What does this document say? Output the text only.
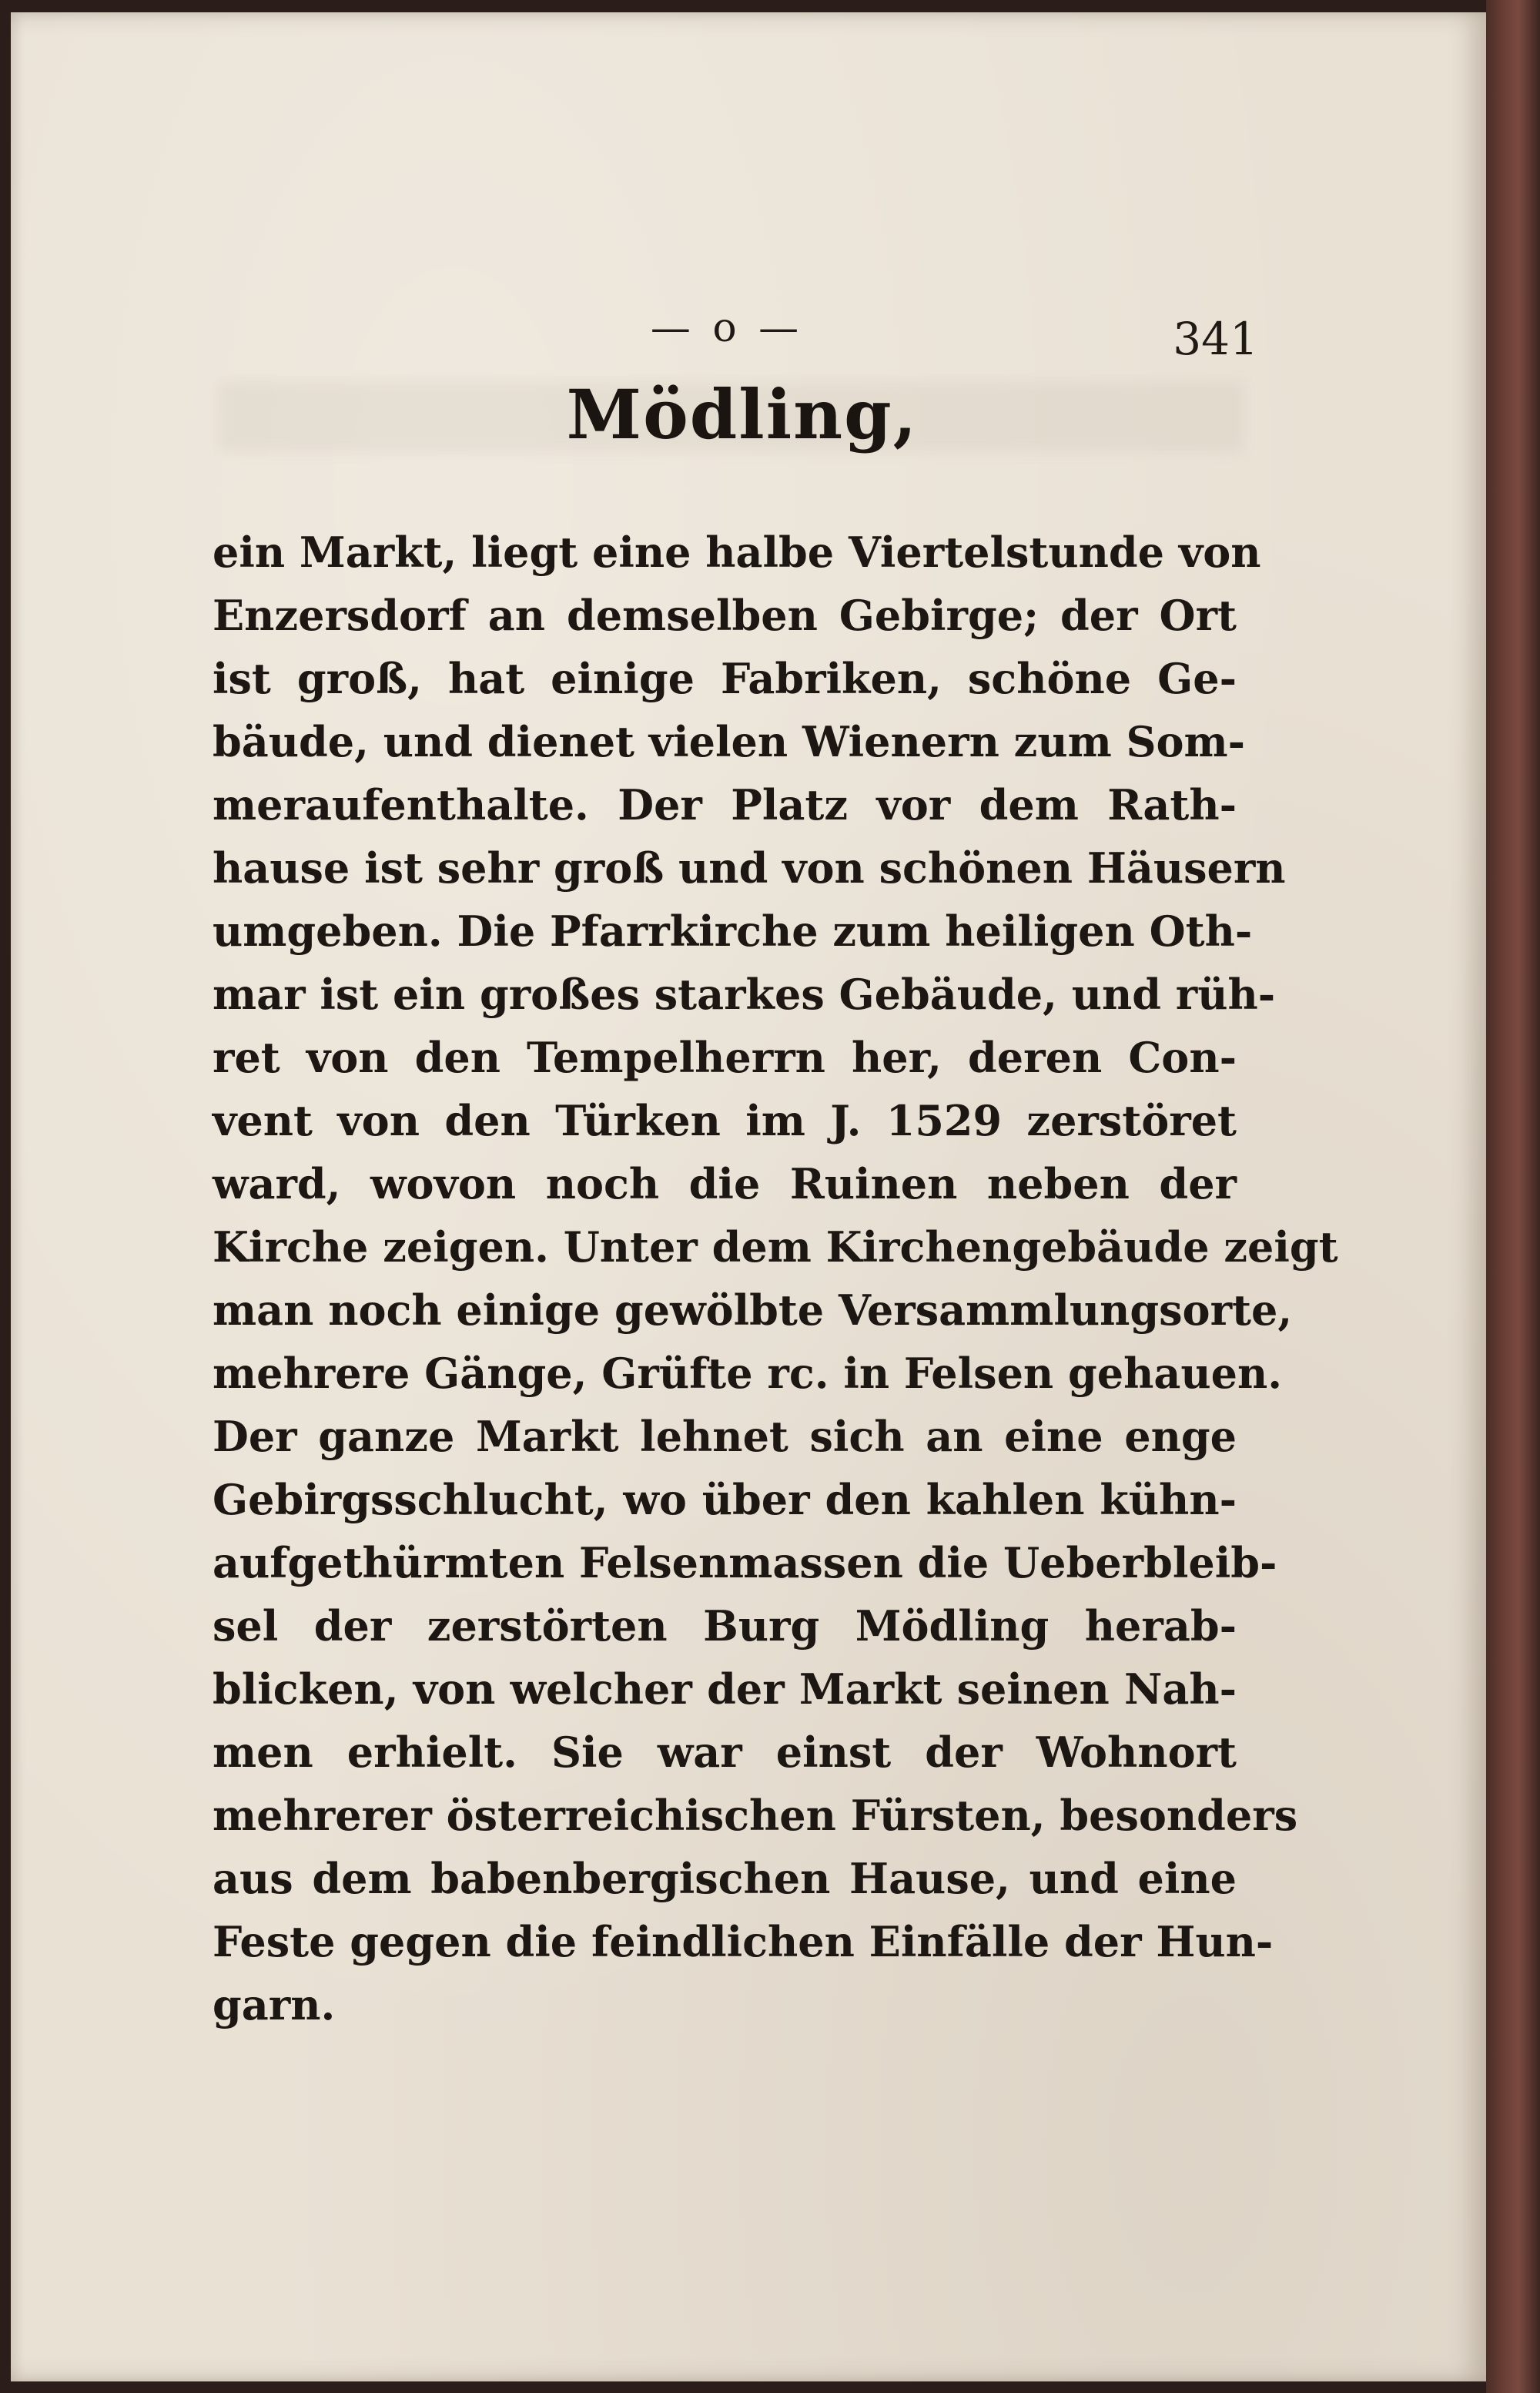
— o —	341
Mödling,
ein Markt, liegt eine halbe Viertelstunde von
Enzersdorf an demselben Gebirge; der Ort
ist groß, hat einige Fabriken, schöne Ge-
bäude, und dienet vielen Wienern zum Som-
meraufenthalte. Der Platz vor dem Rath-
hause ist sehr groß und von schönen Häusern
umgeben. Die Pfarrkirche zum heiligen Oth-
mar ist ein großes starkes Gebäude, und rüh-
ret von den Tempelherrn her, deren Con-
vent von den Türken im J. 1529 zerstöret
ward, wovon noch die Ruinen neben der
Kirche zeigen. Unter dem Kirchengebäude zeigt
man noch einige gewölbte Versammlungsorte,
mehrere Gänge, Grüfte rc. in Felsen gehauen.
Der ganze Markt lehnet sich an eine enge
Gebirgsschlucht, wo über den kahlen kühn-
aufgethürmten Felsenmassen die Ueberbleib-
sel der zerstörten Burg Mödling herab-
blicken, von welcher der Markt seinen Nah-
men erhielt. Sie war einst der Wohnort
mehrerer österreichischen Fürsten, besonders
aus dem babenbergischen Hause, und eine
Feste gegen die feindlichen Einfälle der Hun-
garn.
